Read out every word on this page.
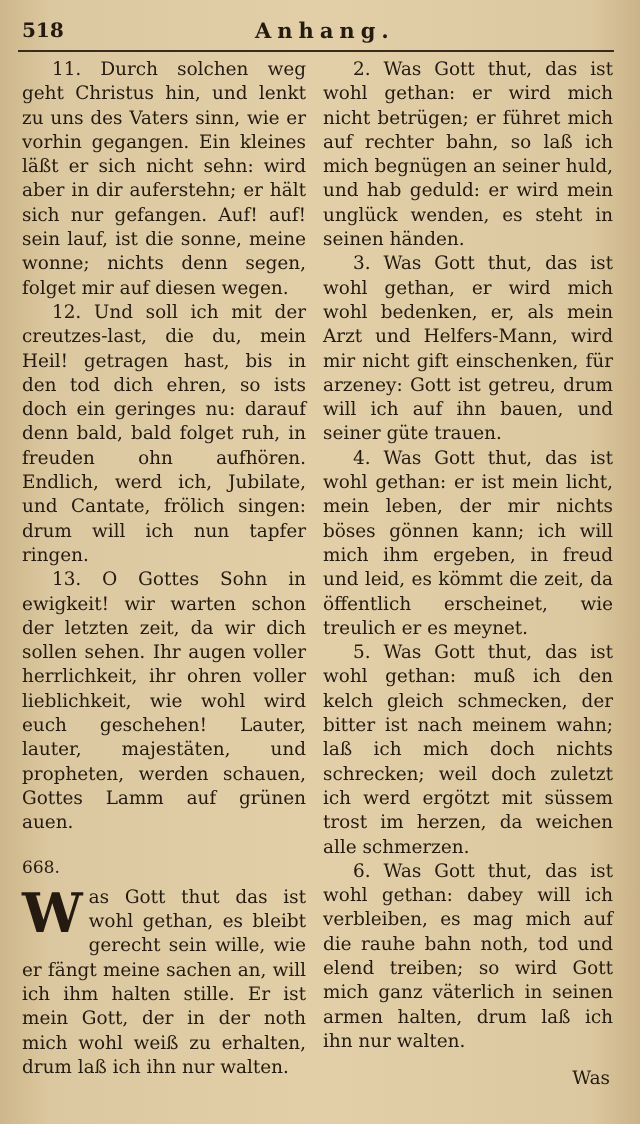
518	Anhang.

11. Durch solchen weg geht Christus hin, und lenkt zu uns des Vaters sinn, wie er vorhin gegangen. Ein kleines läßt er sich nicht sehn: wird aber in dir auferstehn; er hält sich nur gefangen. Auf! auf! sein lauf, ist die sonne, meine wonne; nichts denn segen, folget mir auf diesen wegen.

12. Und soll ich mit der creutzes-last, die du, mein Heil! getragen hast, bis in den tod dich ehren, so ists doch ein geringes nu: darauf denn bald, bald folget ruh, in freuden ohn aufhören. Endlich, werd ich, Jubilate, und Cantate, frölich singen: drum will ich nun tapfer ringen.

13. O Gottes Sohn in ewigkeit! wir warten schon der letzten zeit, da wir dich sollen sehen. Ihr augen voller herrlichkeit, ihr ohren voller lieblichkeit, wie wohl wird euch geschehen! Lauter, lauter, majestäten, und propheten, werden schauen, Gottes Lamm auf grünen auen.

668.

Was Gott thut das ist wohl gethan, es bleibt gerecht sein wille, wie er fängt meine sachen an, will ich ihm halten stille. Er ist mein Gott, der in der noth mich wohl weiß zu erhalten, drum laß ich ihn nur walten.

2. Was Gott thut, das ist wohl gethan: er wird mich nicht betrügen; er führet mich auf rechter bahn, so laß ich mich begnügen an seiner huld, und hab geduld: er wird mein unglück wenden, es steht in seinen händen.

3. Was Gott thut, das ist wohl gethan, er wird mich wohl bedenken, er, als mein Arzt und Helfers-Mann, wird mir nicht gift einschenken, für arzeney: Gott ist getreu, drum will ich auf ihn bauen, und seiner güte trauen.

4. Was Gott thut, das ist wohl gethan: er ist mein licht, mein leben, der mir nichts böses gönnen kann; ich will mich ihm ergeben, in freud und leid, es kömmt die zeit, da öffentlich erscheinet, wie treulich er es meynet.

5. Was Gott thut, das ist wohl gethan: muß ich den kelch gleich schmecken, der bitter ist nach meinem wahn; laß ich mich doch nichts schrecken; weil doch zuletzt ich werd ergötzt mit süssem trost im herzen, da weichen alle schmerzen.

6. Was Gott thut, das ist wohl gethan: dabey will ich verbleiben, es mag mich auf die rauhe bahn noth, tod und elend treiben; so wird Gott mich ganz väterlich in seinen armen halten, drum laß ich ihn nur walten.

Was
